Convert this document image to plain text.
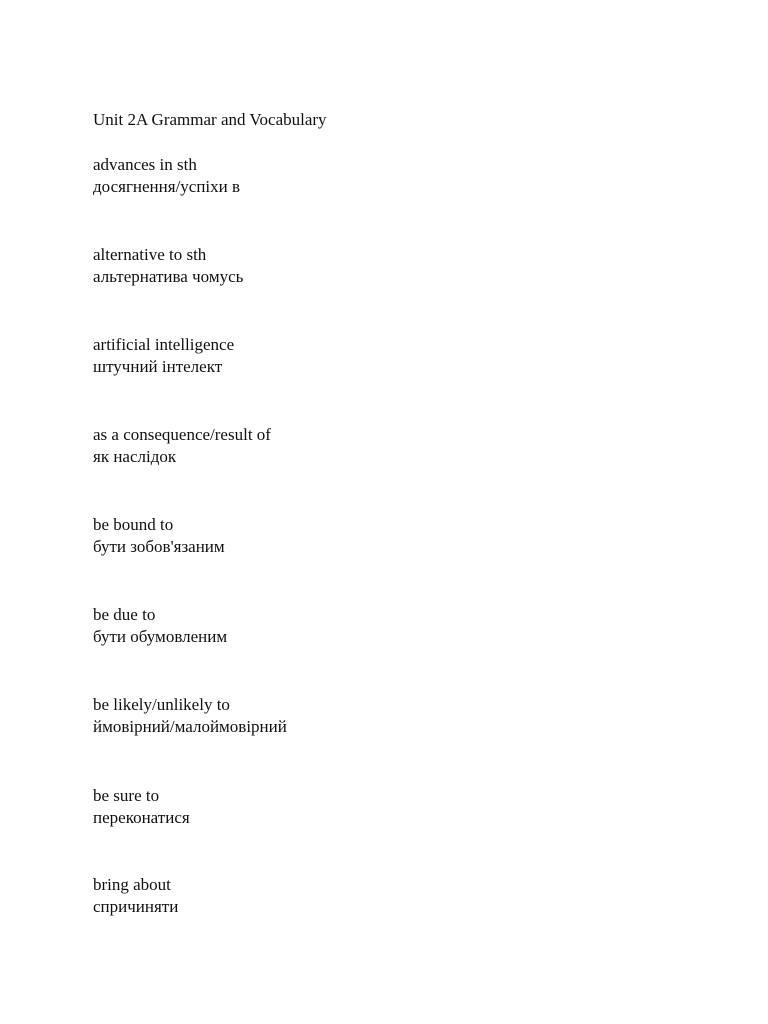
Unit 2A Grammar and Vocabulary
advances in sth
досягнення/успіхи в
alternative to sth
альтернатива чомусь
artificial intelligence
штучний інтелект
as a consequence/result of
як наслідок
be bound to
бути зобов'язаним
be due to
бути обумовленим
be likely/unlikely to
ймовірний/малоймовірний
be sure to
переконатися
bring about
спричиняти
